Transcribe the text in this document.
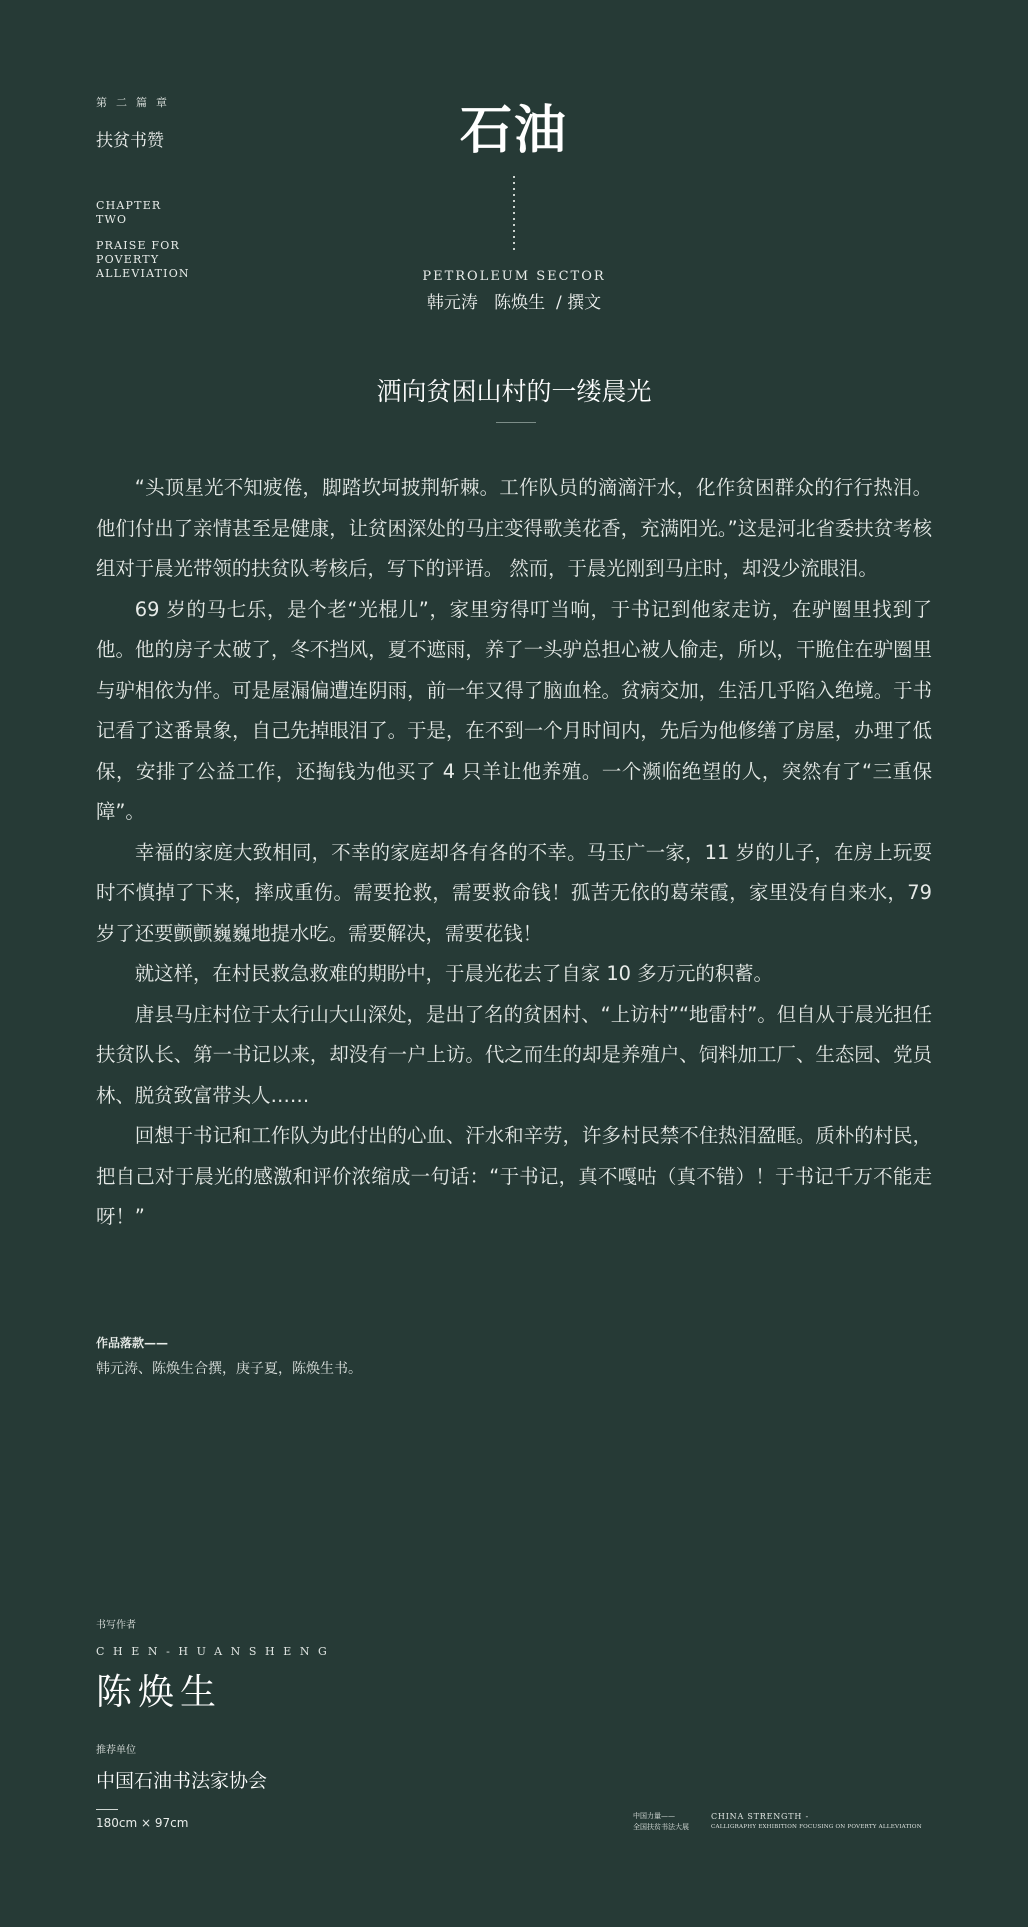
第二篇章
扶贫书赞
CHAPTER
TWO
PRAISE FOR
POVERTY
ALLEVIATION
石油
PETROLEUM SECTOR
韩元涛   陈焕生  / 撰文
洒向贫困山村的一缕晨光

“头顶星光不知疲倦，脚踏坎坷披荆斩棘。工作队员的滴滴汗水，化作贫困群众的行行热泪。他们付出了亲情甚至是健康，让贫困深处的马庄变得歌美花香，充满阳光。”这是河北省委扶贫考核组对于晨光带领的扶贫队考核后，写下的评语。 然而，于晨光刚到马庄时，却没少流眼泪。

69 岁的马七乐，是个老“光棍儿”，家里穷得叮当响，于书记到他家走访，在驴圈里找到了他。他的房子太破了，冬不挡风，夏不遮雨，养了一头驴总担心被人偷走，所以，干脆住在驴圈里与驴相依为伴。可是屋漏偏遭连阴雨，前一年又得了脑血栓。贫病交加，生活几乎陷入绝境。于书记看了这番景象，自己先掉眼泪了。于是，在不到一个月时间内，先后为他修缮了房屋，办理了低保，安排了公益工作，还掏钱为他买了 4 只羊让他养殖。一个濒临绝望的人，突然有了“三重保障”。

幸福的家庭大致相同，不幸的家庭却各有各的不幸。马玉广一家，11 岁的儿子，在房上玩耍时不慎掉了下来，摔成重伤。需要抢救，需要救命钱！孤苦无依的葛荣霞，家里没有自来水，79 岁了还要颤颤巍巍地提水吃。需要解决，需要花钱！

就这样，在村民救急救难的期盼中，于晨光花去了自家 10 多万元的积蓄。

唐县马庄村位于太行山大山深处，是出了名的贫困村、“上访村”“地雷村”。但自从于晨光担任扶贫队长、第一书记以来，却没有一户上访。代之而生的却是养殖户、饲料加工厂、生态园、党员林、脱贫致富带头人……

回想于书记和工作队为此付出的心血、汗水和辛劳，许多村民禁不住热泪盈眶。质朴的村民，把自己对于晨光的感激和评价浓缩成一句话：“于书记，真不嘎咕（真不错）！于书记千万不能走呀！”

作品落款——
韩元涛、陈焕生合撰，庚子夏，陈焕生书。
书写作者
CHEN-HUANSHENG
陈焕生
推荐单位
中国石油书法家协会
180cm × 97cm	中国力量——
全国扶贫书法大展
CHINA STRENGTH -
CALLIGRAPHY EXHIBITION FOCUSING ON POVERTY ALLEVIATION
